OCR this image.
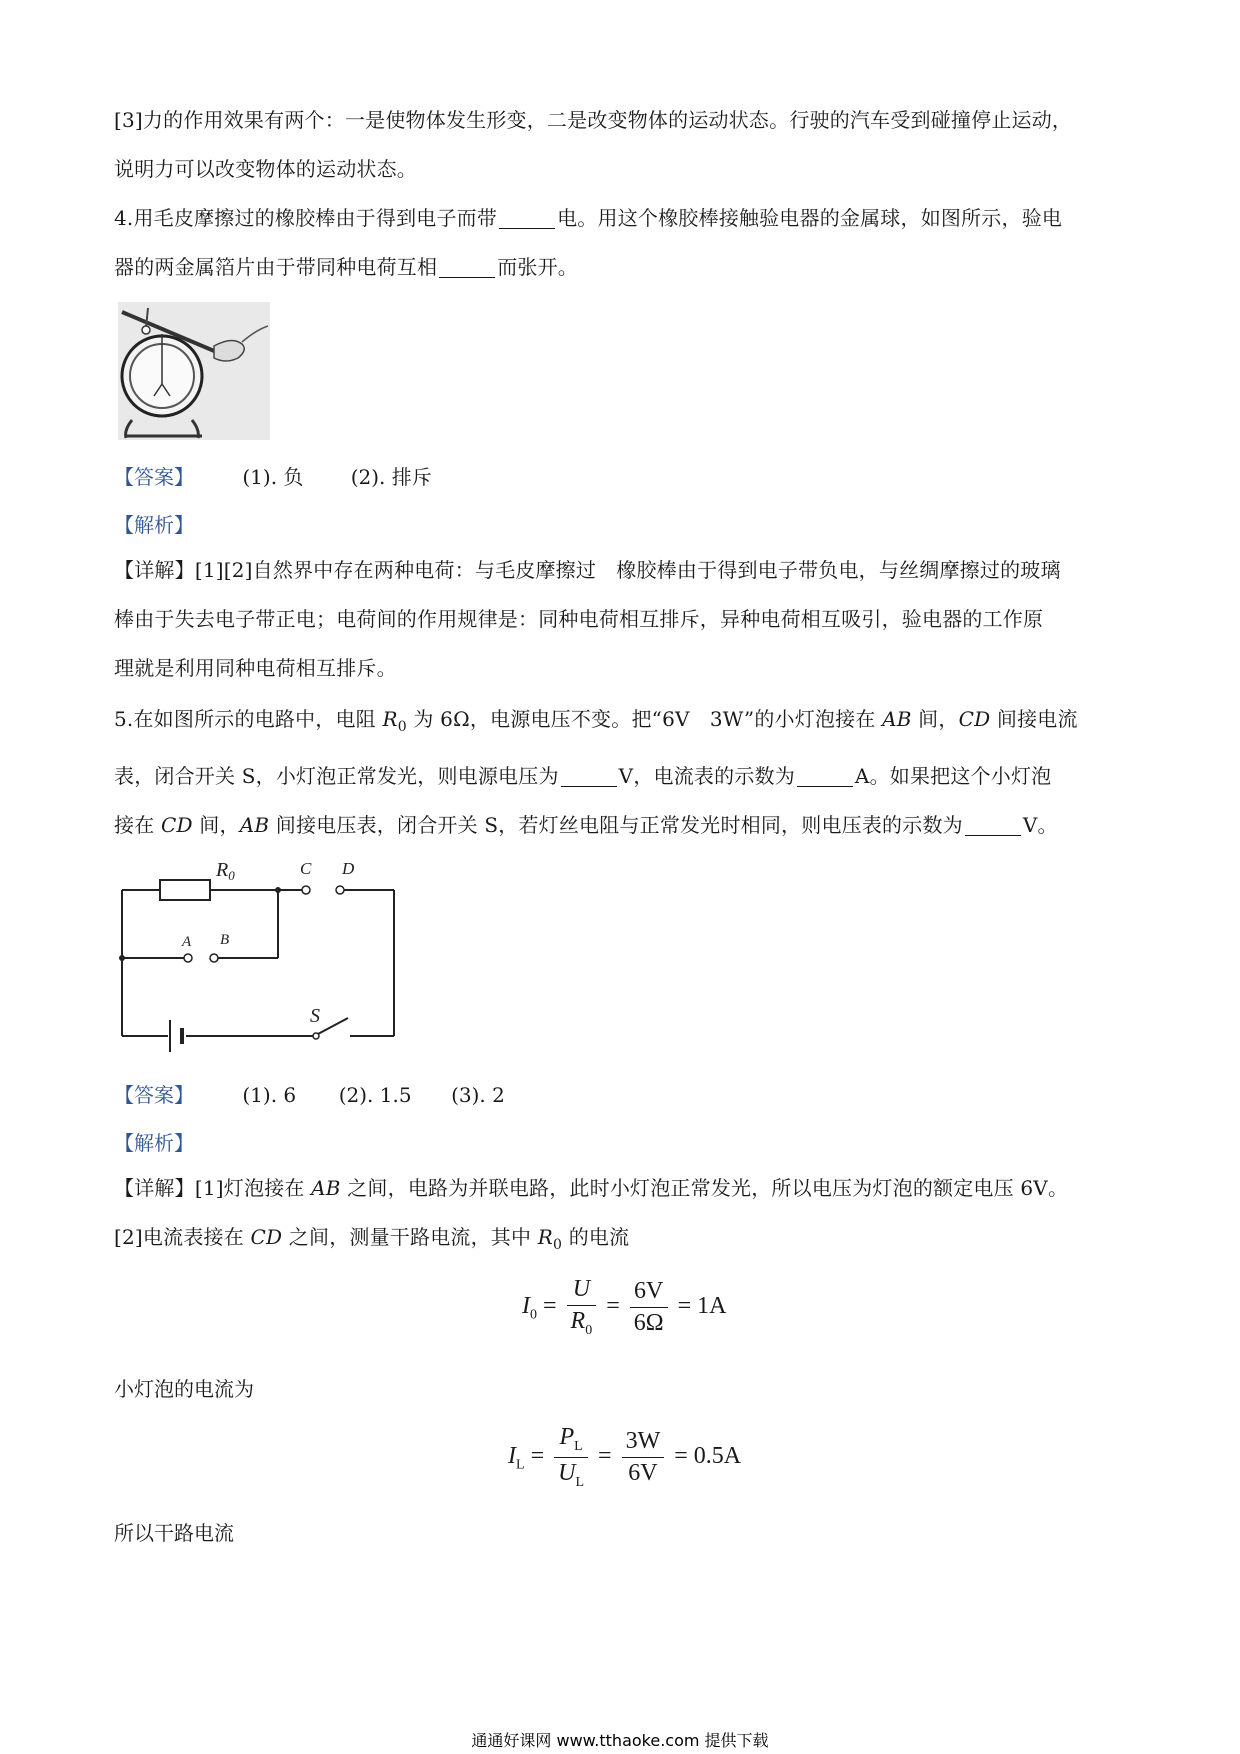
[3]力的作用效果有两个：一是使物体发生形变，二是改变物体的运动状态。行驶的汽车受到碰撞停止运动，
说明力可以改变物体的运动状态。
4.用毛皮摩擦过的橡胶棒由于得到电子而带	电。用这个橡胶棒接触验电器的金属球，如图所示，验电
器的两金属箔片由于带同种电荷互相	而张开。
【答案】 (1). 负 (2). 排斥
【解析】
【详解】[1][2]自然界中存在两种电荷：与毛皮摩擦过　橡胶棒由于得到电子带负电，与丝绸摩擦过的玻璃
棒由于失去电子带正电；电荷间的作用规律是：同种电荷相互排斥，异种电荷相互吸引，验电器的工作原
理就是利用同种电荷相互排斥。
5.在如图所示的电路中，电阻 $R_0$ 为 6Ω，电源电压不变。把“6V　3W”的小灯泡接在 AB 间，CD 间接电流
表，闭合开关 S，小灯泡正常发光，则电源电压为	V，电流表的示数为	A。如果把这个小灯泡
接在 CD 间，AB 间接电压表，闭合开关 S，若灯丝电阻与正常发光时相同，则电压表的示数为	V。
$R_0$	C D
A B
S
【答案】 (1). 6 (2). 1.5 (3). 2
【解析】
【详解】[1]灯泡接在 AB 之间，电路为并联电路，此时小灯泡正常发光，所以电压为灯泡的额定电压 6V。
[2]电流表接在 CD 之间，测量干路电流，其中 $R_0$ 的电流
$I_0 = \frac{U}{R_0} = \frac{6V}{6\Omega} = 1A$
小灯泡的电流为
$I_L = \frac{P_L}{U_L} = \frac{3W}{6V} = 0.5A$
所以干路电流
通通好课网 www.tthaoke.com 提供下载
